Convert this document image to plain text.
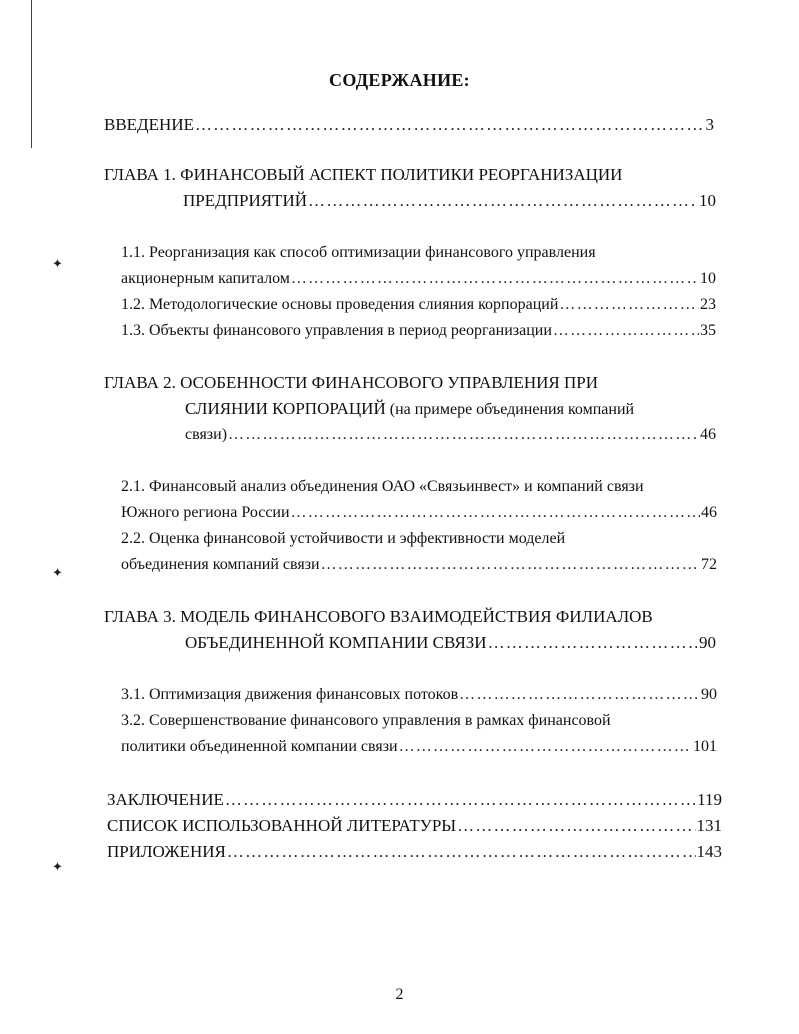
✦
✦
✦
СОДЕРЖАНИЕ:
ВВЕДЕНИЕ …………………………………………………………………………………………………………………………………………………………	3
ГЛАВА 1. ФИНАНСОВЫЙ АСПЕКТ ПОЛИТИКИ РЕОРГАНИЗАЦИИ
ПРЕДПРИЯТИЙ …………………………………………………………………………………………………………………………………………………………	10
1.1. Реорганизация как способ оптимизации финансового управления
акционерным капиталом …………………………………………………………………………………………………………………………………………………………	10
1.2. Методологические основы проведения слияния корпораций …………………………………………………………………………………………………………………………………………………………	23
1.3. Объекты финансового управления в период реорганизации …………………………………………………………………………………………………………………………………………………………	35
ГЛАВА 2. ОСОБЕННОСТИ ФИНАНСОВОГО УПРАВЛЕНИЯ ПРИ
СЛИЯНИИ КОРПОРАЦИЙ (на примере объединения компаний
связи) …………………………………………………………………………………………………………………………………………………………	46
2.1. Финансовый анализ объединения ОАО «Связьинвест» и компаний связи
Южного региона России …………………………………………………………………………………………………………………………………………………………	46
2.2. Оценка финансовой устойчивости и эффективности моделей
объединения компаний связи …………………………………………………………………………………………………………………………………………………………	72
ГЛАВА 3. МОДЕЛЬ ФИНАНСОВОГО ВЗАИМОДЕЙСТВИЯ ФИЛИАЛОВ
ОБЪЕДИНЕННОЙ КОМПАНИИ СВЯЗИ …………………………………………………………………………………………………………………………………………………………	90
3.1. Оптимизация движения финансовых потоков …………………………………………………………………………………………………………………………………………………………	90
3.2. Совершенствование финансового управления в рамках финансовой
политики объединенной компании связи …………………………………………………………………………………………………………………………………………………………	101
ЗАКЛЮЧЕНИЕ …………………………………………………………………………………………………………………………………………………………	119
СПИСОК ИСПОЛЬЗОВАННОЙ ЛИТЕРАТУРЫ …………………………………………………………………………………………………………………………………………………………	131
ПРИЛОЖЕНИЯ …………………………………………………………………………………………………………………………………………………………	143
2
